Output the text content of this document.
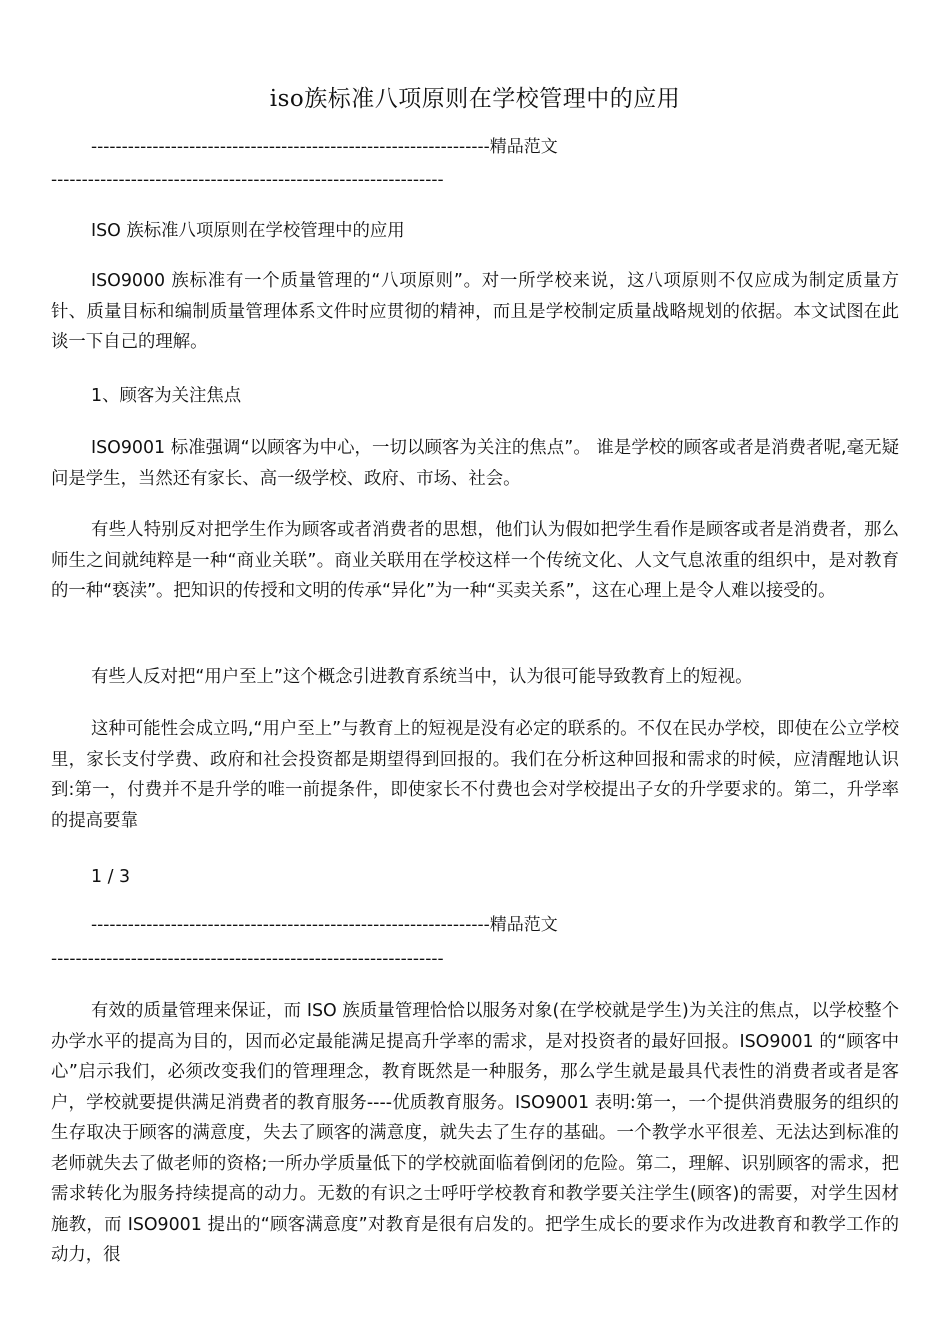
iso族标准八项原则在学校管理中的应用
-----------------------------------------------------------------精品范文
----------------------------------------------------------------

ISO 族标准八项原则在学校管理中的应用

ISO9000 族标准有一个质量管理的“八项原则”。对一所学校来说，这八项原则不仅应成为制定质量方针、质量目标和编制质量管理体系文件时应贯彻的精神，而且是学校制定质量战略规划的依据。本文试图在此谈一下自己的理解。

1、顾客为关注焦点

ISO9001 标准强调“以顾客为中心，一切以顾客为关注的焦点”。 谁是学校的顾客或者是消费者呢,毫无疑问是学生，当然还有家长、高一级学校、政府、市场、社会。

有些人特别反对把学生作为顾客或者消费者的思想，他们认为假如把学生看作是顾客或者是消费者，那么师生之间就纯粹是一种“商业关联”。商业关联用在学校这样一个传统文化、人文气息浓重的组织中，是对教育的一种“亵渎”。把知识的传授和文明的传承“异化”为一种“买卖关系”，这在心理上是令人难以接受的。

有些人反对把“用户至上”这个概念引进教育系统当中，认为很可能导致教育上的短视。

这种可能性会成立吗,“用户至上”与教育上的短视是没有必定的联系的。不仅在民办学校，即使在公立学校里，家长支付学费、政府和社会投资都是期望得到回报的。我们在分析这种回报和需求的时候，应清醒地认识到:第一，付费并不是升学的唯一前提条件，即使家长不付费也会对学校提出子女的升学要求的。第二，升学率的提高要靠

1 / 3
-----------------------------------------------------------------精品范文
----------------------------------------------------------------

有效的质量管理来保证，而 ISO 族质量管理恰恰以服务对象(在学校就是学生)为关注的焦点，以学校整个办学水平的提高为目的，因而必定最能满足提高升学率的需求，是对投资者的最好回报。ISO9001 的“顾客中心”启示我们，必须改变我们的管理理念，教育既然是一种服务，那么学生就是最具代表性的消费者或者是客户，学校就要提供满足消费者的教育服务----优质教育服务。ISO9001 表明:第一，一个提供消费服务的组织的生存取决于顾客的满意度，失去了顾客的满意度，就失去了生存的基础。一个教学水平很差、无法达到标准的老师就失去了做老师的资格;一所办学质量低下的学校就面临着倒闭的危险。第二，理解、识别顾客的需求，把需求转化为服务持续提高的动力。无数的有识之士呼吁学校教育和教学要关注学生(顾客)的需要，对学生因材施教，而 ISO9001 提出的“顾客满意度”对教育是很有启发的。把学生成长的要求作为改进教育和教学工作的动力，很
